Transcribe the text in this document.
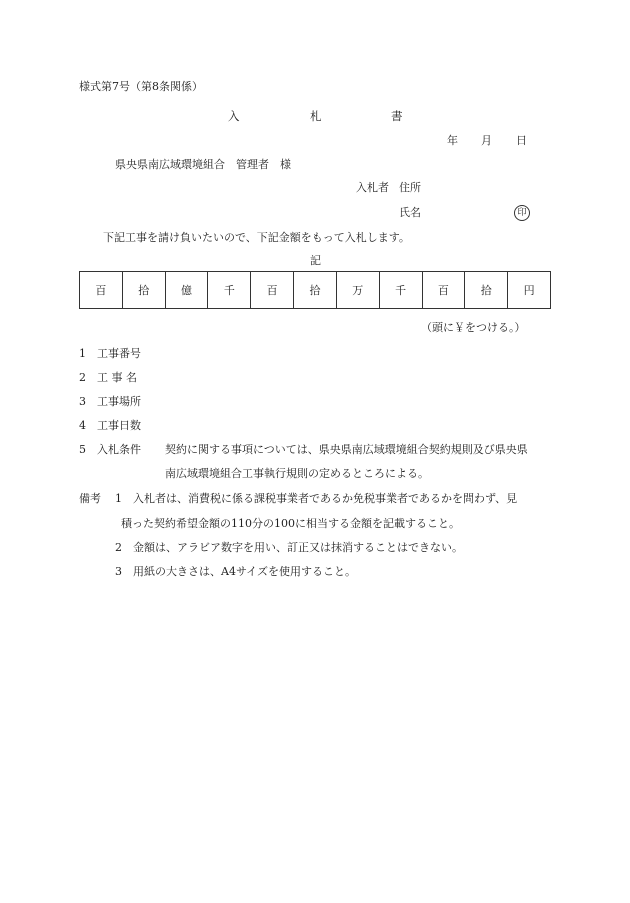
様式第7号（第8条関係）
入	札	書
年 月 日
県央県南広域環境組合　管理者　様
入札者 住所
氏名	印
下記工事を請け負いたいので、下記金額をもって入札します。
記
百	拾	億	千	百	拾	万	千	百	拾	円
（頭に￥をつける。）
1 工事番号
2 工 事 名
3 工事場所
4 工事日数
5 入札条件 契約に関する事項については、県央県南広域環境組合契約規則及び県央県
南広域環境組合工事執行規則の定めるところによる。
備考 1 入札者は、消費税に係る課税事業者であるか免税事業者であるかを問わず、見
積った契約希望金額の110分の100に相当する金額を記載すること。
2 金額は、アラビア数字を用い、訂正又は抹消することはできない。
3 用紙の大きさは、A4サイズを使用すること。
